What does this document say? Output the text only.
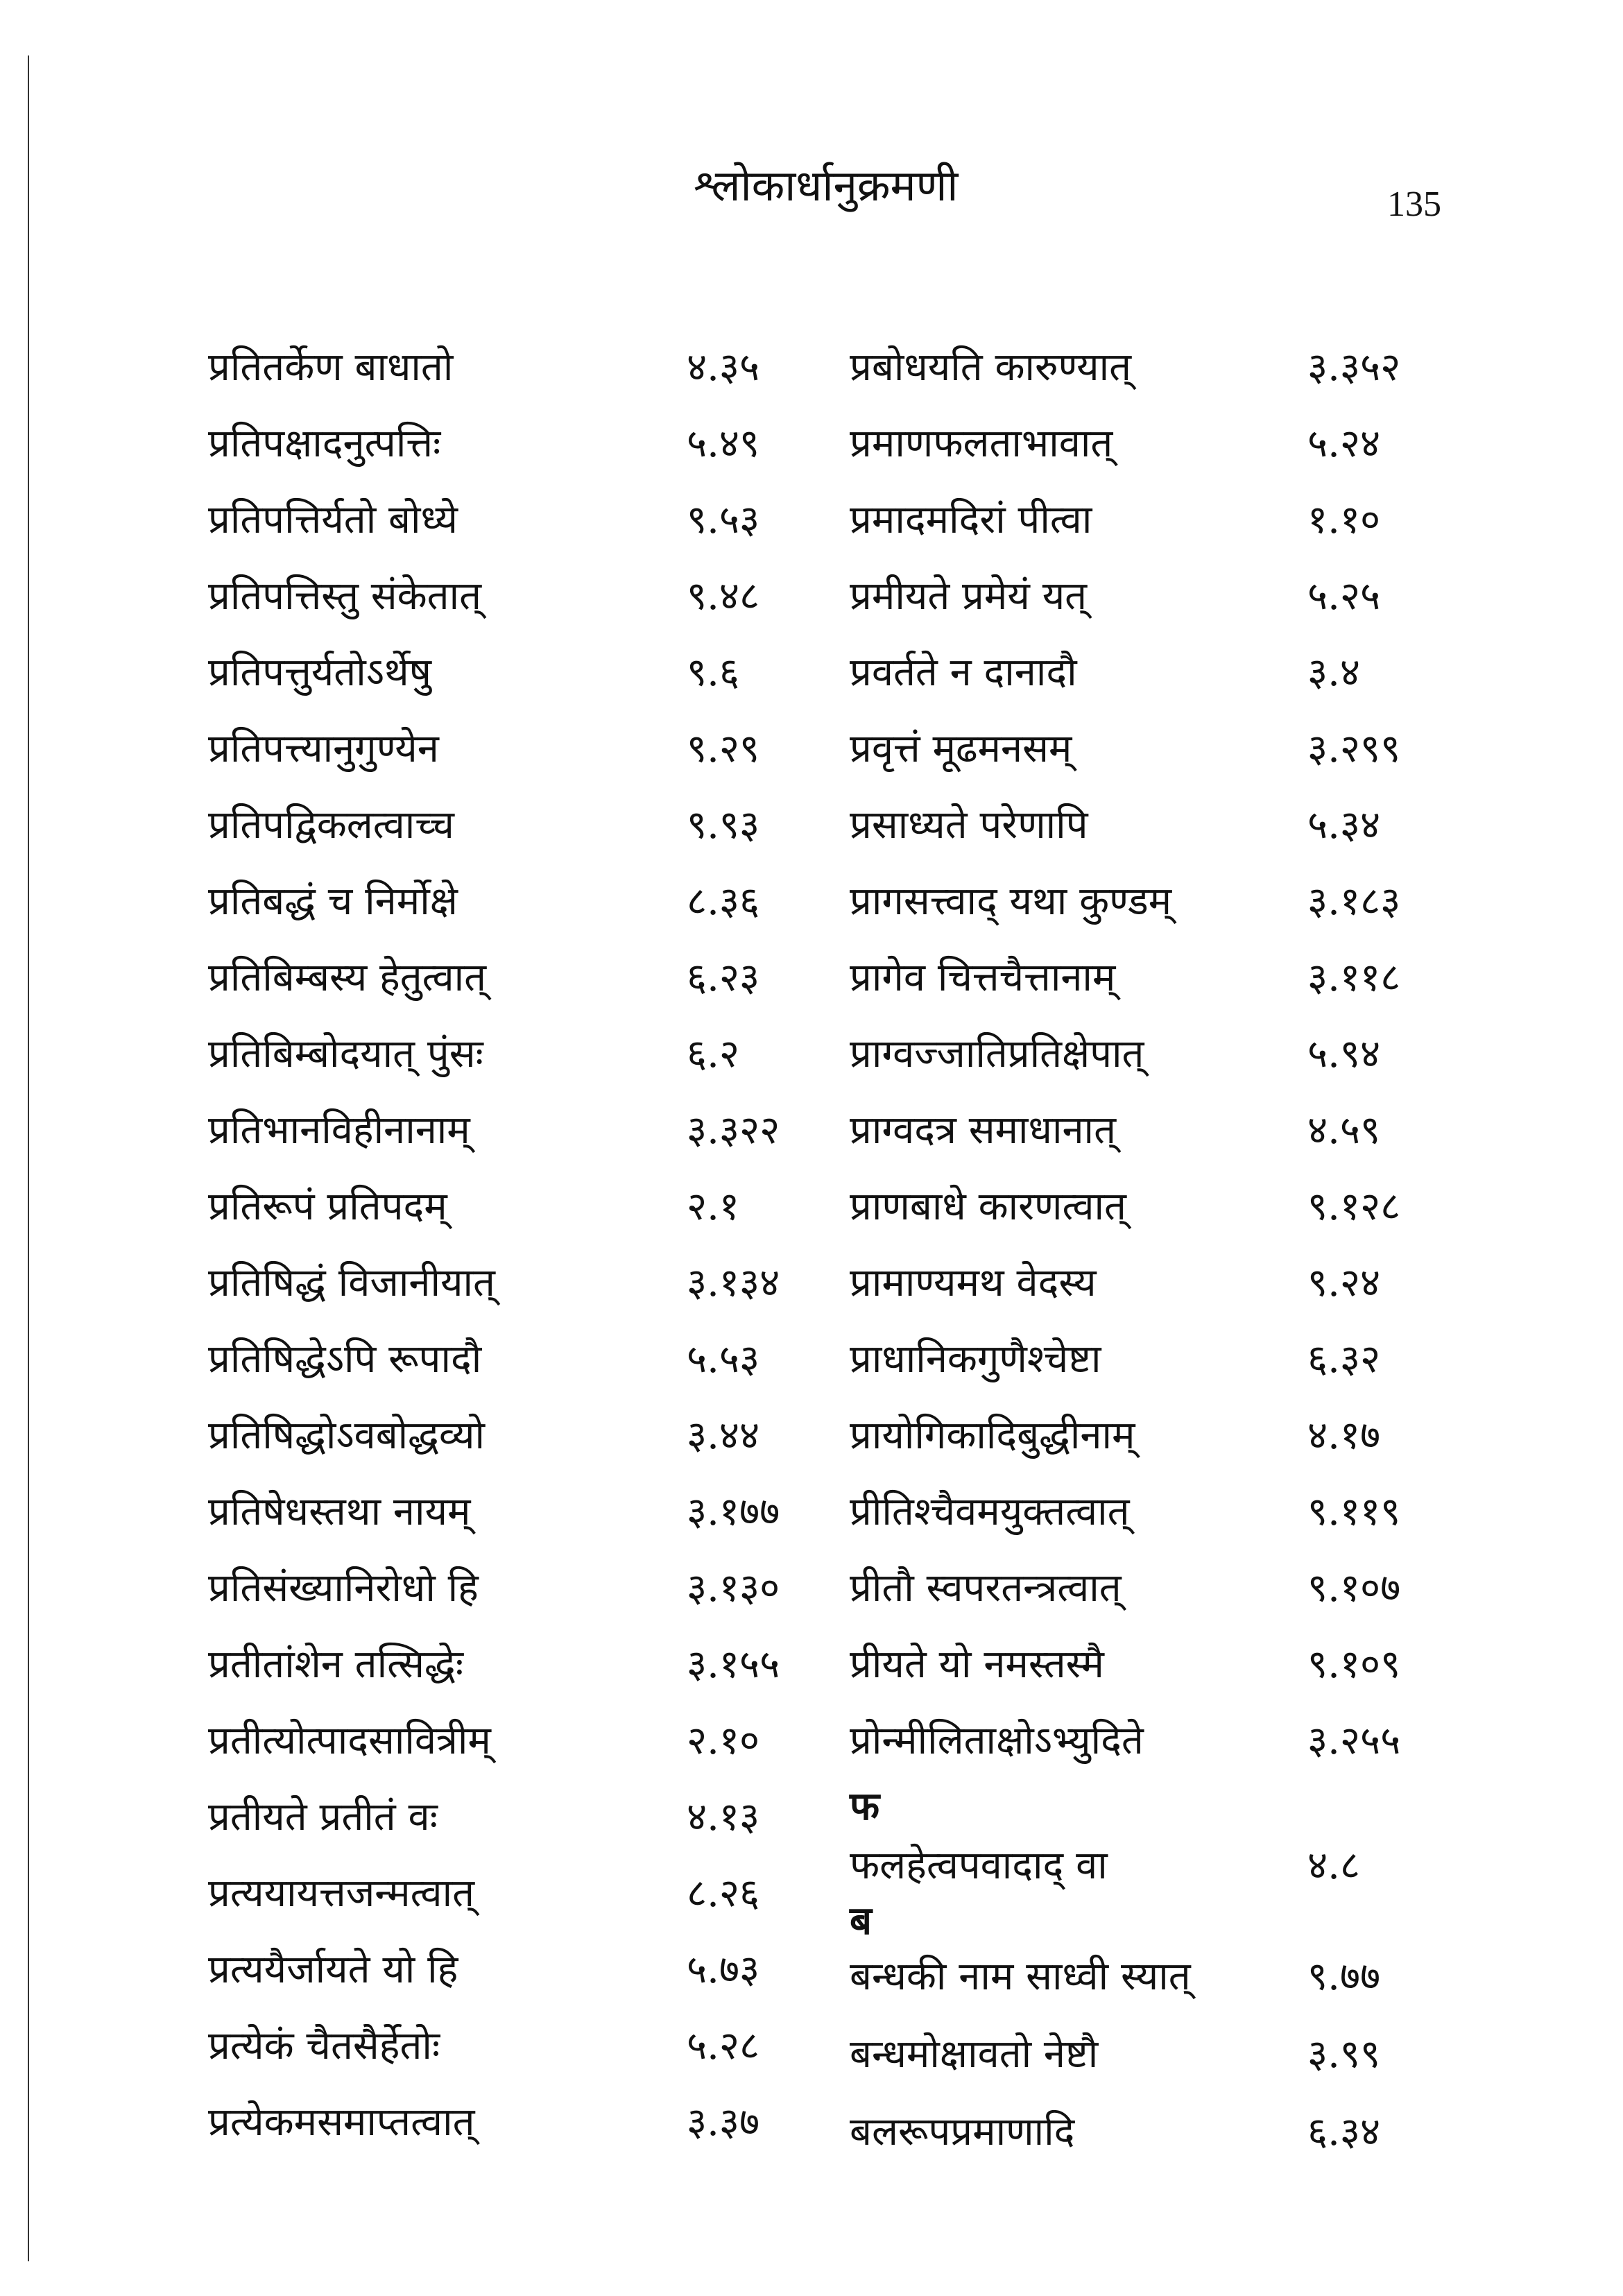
श्लोकार्धानुक्रमणी	135
प्रतितर्केण बाधातो	४.३५
प्रतिपक्षादनुत्पत्तिः	५.४९
प्रतिपत्तिर्यतो बोध्ये	९.५३
प्रतिपत्तिस्तु संकेतात्	९.४८
प्रतिपत्तुर्यतोऽर्थेषु	९.६
प्रतिपत्त्यानुगुण्येन	९.२९
प्रतिपद्विकलत्वाच्च	९.९३
प्रतिबद्धं च निर्मोक्षे	८.३६
प्रतिबिम्बस्य हेतुत्वात्	६.२३
प्रतिबिम्बोदयात् पुंसः	६.२
प्रतिभानविहीनानाम्	३.३२२
प्रतिरूपं प्रतिपदम्	२.१
प्रतिषिद्धं विजानीयात्	३.१३४
प्रतिषिद्धेऽपि रूपादौ	५.५३
प्रतिषिद्धोऽवबोद्धव्यो	३.४४
प्रतिषेधस्तथा नायम्	३.१७७
प्रतिसंख्यानिरोधो हि	३.१३०
प्रतीतांशेन तत्सिद्धेः	३.१५५
प्रतीत्योत्पादसावित्रीम्	२.१०
प्रतीयते प्रतीतं वः	४.१३
प्रत्ययायत्तजन्मत्वात्	८.२६
प्रत्ययैर्जायते यो हि	५.७३
प्रत्येकं चैतसैर्हेतोः	५.२८
प्रत्येकमसमाप्तत्वात्	३.३७
प्रबोधयति कारुण्यात्	३.३५२
प्रमाणफलताभावात्	५.२४
प्रमादमदिरां पीत्वा	१.१०
प्रमीयते प्रमेयं यत्	५.२५
प्रवर्तते न दानादौ	३.४
प्रवृत्तं मूढमनसम्	३.२९९
प्रसाध्यते परेणापि	५.३४
प्रागसत्त्वाद् यथा कुण्डम्	३.१८३
प्रागेव चित्तचैत्तानाम्	३.११८
प्राग्वज्जातिप्रतिक्षेपात्	५.९४
प्राग्वदत्र समाधानात्	४.५९
प्राणबाधे कारणत्वात्	९.१२८
प्रामाण्यमथ वेदस्य	९.२४
प्राधानिकगुणैश्चेष्टा	६.३२
प्रायोगिकादिबुद्धीनाम्	४.१७
प्रीतिश्चैवमयुक्तत्वात्	९.११९
प्रीतौ स्वपरतन्त्रत्वात्	९.१०७
प्रीयते यो नमस्तस्मै	९.१०९
प्रोन्मीलिताक्षोऽभ्युदिते	३.२५५
फ
फलहेत्वपवादाद् वा	४.८
ब
बन्धकी नाम साध्वी स्यात्	९.७७
बन्धमोक्षावतो नेष्टौ	३.९९
बलरूपप्रमाणादि	६.३४
